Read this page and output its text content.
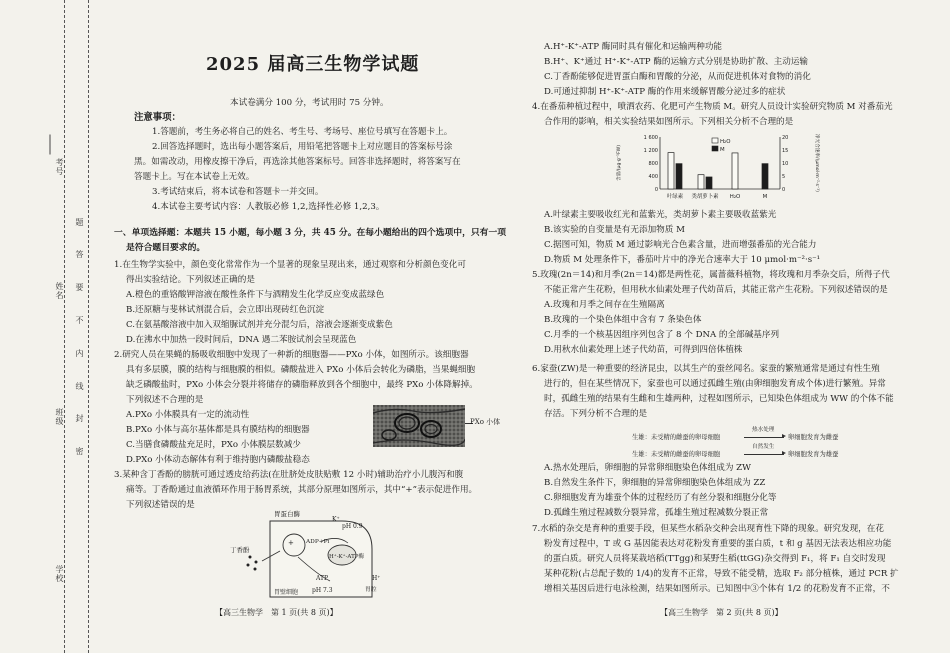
考号
姓名
班级
学校
题
答
要
不
内
线
封
密
2025 届高三生物学试题
本试卷满分 100 分，考试用时 75 分钟。
注意事项：
1.答题前，考生务必将自己的姓名、考生号、考场号、座位号填写在答题卡上。
2.回答选择题时，选出每小题答案后，用铅笔把答题卡上对应题目的答案标号涂
黑。如需改动，用橡皮擦干净后，再选涂其他答案标号。回答非选择题时，将答案写在
答题卡上。写在本试卷上无效。
3.考试结束后，将本试卷和答题卡一并交回。
4.本试卷主要考试内容：人教版必修 1,2,选择性必修 1,2,3。
一、单项选择题：本题共 15 小题，每小题 3 分，共 45 分。在每小题给出的四个选项中，只有一项
是符合题目要求的。
1.在生物学实验中，颜色变化常常作为一个显著的现象呈现出来，通过观察和分析颜色变化可
得出实验结论。下列叙述正确的是
A.橙色的重铬酸钾溶液在酸性条件下与酒精发生化学反应变成蓝绿色
B.还原糖与斐林试剂混合后，会立即出现砖红色沉淀
C.在氨基酸溶液中加入双缩脲试剂并充分混匀后，溶液会逐渐变成紫色
D.在沸水中加热一段时间后，DNA 遇二苯胺试剂会呈现蓝色
2.研究人员在果蝇的肠吸收细胞中发现了一种新的细胞器——PXo 小体，如图所示。该细胞器
具有多层膜，膜的结构与细胞膜的相似。磷酸盐进入 PXo 小体后会转化为磷脂，当果蝇细胞
缺乏磷酸盐时，PXo 小体会分裂并将储存的磷脂释放到各个细胞中，最终 PXo 小体降解掉。
下列叙述不合理的是
A.PXo 小体膜具有一定的流动性
B.PXo 小体与高尔基体都是具有膜结构的细胞器
C.当膳食磷酸盐充足时，PXo 小体膜层数减少
D.PXo 小体动态解体有利于维持胞内磷酸盐稳态
3.某种含丁香酚的膀胱可通过透皮给药法(在肚脐处皮肤贴敷 12 小时)辅助治疗小儿腹泻和腹
痛等。丁香酚通过血液循环作用于肠胃系统，其部分原理如图所示，其中“+”表示促进作用。
下列叙述错误的是
PXo 小体
胃蛋白酶
pH 0.9
K⁺
+ ADP+Pi
H⁺-K⁺-ATP酶
丁香酚
ATP	H⁺
胃腔
胃壁细胞 pH 7.3
【高三生物学　第 1 页(共 8 页)】
A.H⁺-K⁺-ATP 酶同时具有催化和运输两种功能
B.H⁺、K⁺通过 H⁺-K⁺-ATP 酶的运输方式分别是协助扩散、主动运输
C.丁香酚能够促进胃蛋白酶和胃酸的分泌，从而促进机体对食物的消化
D.可通过抑制 H⁺-K⁺-ATP 酶的作用来缓解胃酸分泌过多的症状
4.在番茄种植过程中，喷洒农药、化肥可产生物质 M。研究人员设计实验研究物质 M 对番茄光
合作用的影响，相关实验结果如图所示。下列相关分析不合理的是
A.叶绿素主要吸收红光和蓝紫光，类胡萝卜素主要吸收蓝紫光
B.该实验的自变量是有无添加物质 M
C.据图可知，物质 M 通过影响光合色素含量，进而增强番茄的光合能力
D.物质 M 处理条件下，番茄叶片中的净光合速率大于 10 μmol·m⁻²·s⁻¹
5.玫瑰(2n＝14)和月季(2n＝14)都是两性花，属蔷薇科植物，将玫瑰和月季杂交后，所得子代
不能正常产生花粉，但用秋水仙素处理子代幼苗后，其能正常产生花粉。下列叙述错误的是
A.玫瑰和月季之间存在生殖隔离
B.玫瑰的一个染色体组中含有 7 条染色体
C.月季的一个核基因组序列包含了 8 个 DNA 的全部碱基序列
D.用秋水仙素处理上述子代幼苗，可得到四倍体植株
6.家蚕(ZW)是一种重要的经济昆虫，以其生产的蚕丝闻名。家蚕的繁殖通常是通过有性生殖
进行的，但在某些情况下，家蚕也可以通过孤雌生殖(由卵细胞发育成个体)进行繁殖。异常
时，孤雌生殖的结果有生雌和生雄两种，过程如图所示，已知染色体组成为 WW 的个体不能
存活。下列分析不合理的是
A.热水处理后，卵细胞的异常卵细胞染色体组成为 ZW
B.自然发生条件下，卵细胞的异常卵细胞染色体组成为 ZZ
C.卵细胞发育为雄蚕个体的过程经历了有丝分裂和细胞分化等
D.孤雌生殖过程减数分裂异常，孤雄生殖过程减数分裂正常
7.水稻的杂交是育种的重要手段，但某些水稻杂交种会出现育性下降的现象。研究发现，在花
粉发育过程中，T 或 G 基因能表达对花粉发育重要的蛋白质，t 和 g 基因无法表达相应功能
的蛋白质。研究人员将某栽培稻(TTgg)和某野生稻(ttGG)杂交得到 F₁，将 F₁ 自交时发现
某种花粉(占总配子数的 1/4)的发育不正常，导致不能受精，选取 F₂ 部分植株，通过 PCR 扩
增相关基因后进行电泳检测，结果如图所示。已知图中③个体有 1/2 的花粉发育不正常，不
1 600
1 200
800
400
0
20
15
10
5
0
叶绿素 类胡萝卜素 H₂O	M
含量/(μg·g⁻¹FW)	净光合速率/(μmol·m⁻²·s⁻¹)
H₂O
M
生雄：未受精的雌蚕的卵母细胞
热水处理
卵细胞发育为雌蚕
生雄：未受精的雌蚕的卵母细胞
自然发生
卵细胞发育为雄蚕
【高三生物学　第 2 页(共 8 页)】
